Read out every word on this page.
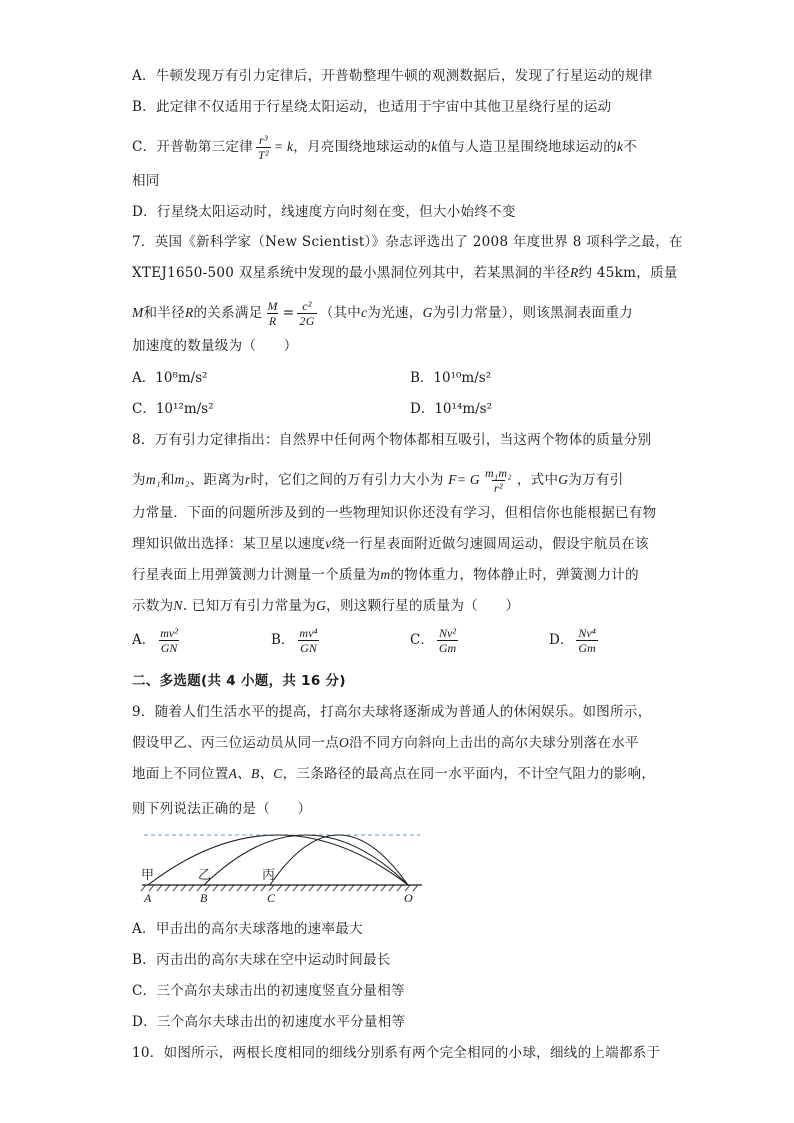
A．牛顿发现万有引力定律后，开普勒整理牛顿的观测数据后，发现了行星运动的规律
B．此定律不仅适用于行星绕太阳运动，也适用于宇宙中其他卫星绕行星的运动
C．开普勒第三定律 $\frac{\text{r³}}{\text{T²}} = k$，月亮围绕地球运动的k值与人造卫星围绕地球运动的k不
相同
D．行星绕太阳运动时，线速度方向时刻在变，但大小始终不变
7．英国《新科学家（New Scientist）》杂志评选出了 2008 年度世界 8 项科学之最，在
XTEJ1650-500 双星系统中发现的最小黑洞位列其中，若某黑洞的半径R约 45km，质量
M和半径R的关系满足 $\frac{M}{R} = \frac{\text{c²}}{2G}$ （其中c为光速，G为引力常量），则该黑洞表面重力
加速度的数量级为（　　）
A．10⁸m/s²	B．10¹⁰m/s²
C．10¹²m/s²	D．10¹⁴m/s²
8．万有引力定律指出：自然界中任何两个物体都相互吸引，当这两个物体的质量分别
为m₁和m₂、距离为r时，它们之间的万有引力大小为 F= G $\frac{\text{m₁m₂}}{\text{r²}}$ ，式中G为万有引
力常量．下面的问题所涉及到的一些物理知识你还没有学习，但相信你也能根据已有物
理知识做出选择：某卫星以速度v绕一行星表面附近做匀速圆周运动，假设宇航员在该
行星表面上用弹簧测力计测量一个质量为m的物体重力，物体静止时，弹簧测力计的
示数为N. 已知万有引力常量为G，则这颗行星的质量为（　　）
A． $\frac{\text{mv²}}{GN}$	B． $\frac{\text{mv⁴}}{GN}$	C． $\frac{\text{Nv²}}{Gm}$	D． $\frac{\text{Nv⁴}}{Gm}$
二、多选题(共 4 小题，共 16 分)
9．随着人们生活水平的提高，打高尔夫球将逐渐成为普通人的休闲娱乐。如图所示，
假设甲乙、丙三位运动员从同一点O沿不同方向斜向上击出的高尔夫球分别落在水平
地面上不同位置A、B、C，三条路径的最高点在同一水平面内，不计空气阻力的影响，
则下列说法正确的是（　　）
甲	乙	丙
A	B	C	O
A．甲击出的高尔夫球落地的速率最大
B．丙击出的高尔夫球在空中运动时间最长
C．三个高尔夫球击出的初速度竖直分量相等
D．三个高尔夫球击出的初速度水平分量相等
10．如图所示，两根长度相同的细线分别系有两个完全相同的小球，细线的上端都系于
